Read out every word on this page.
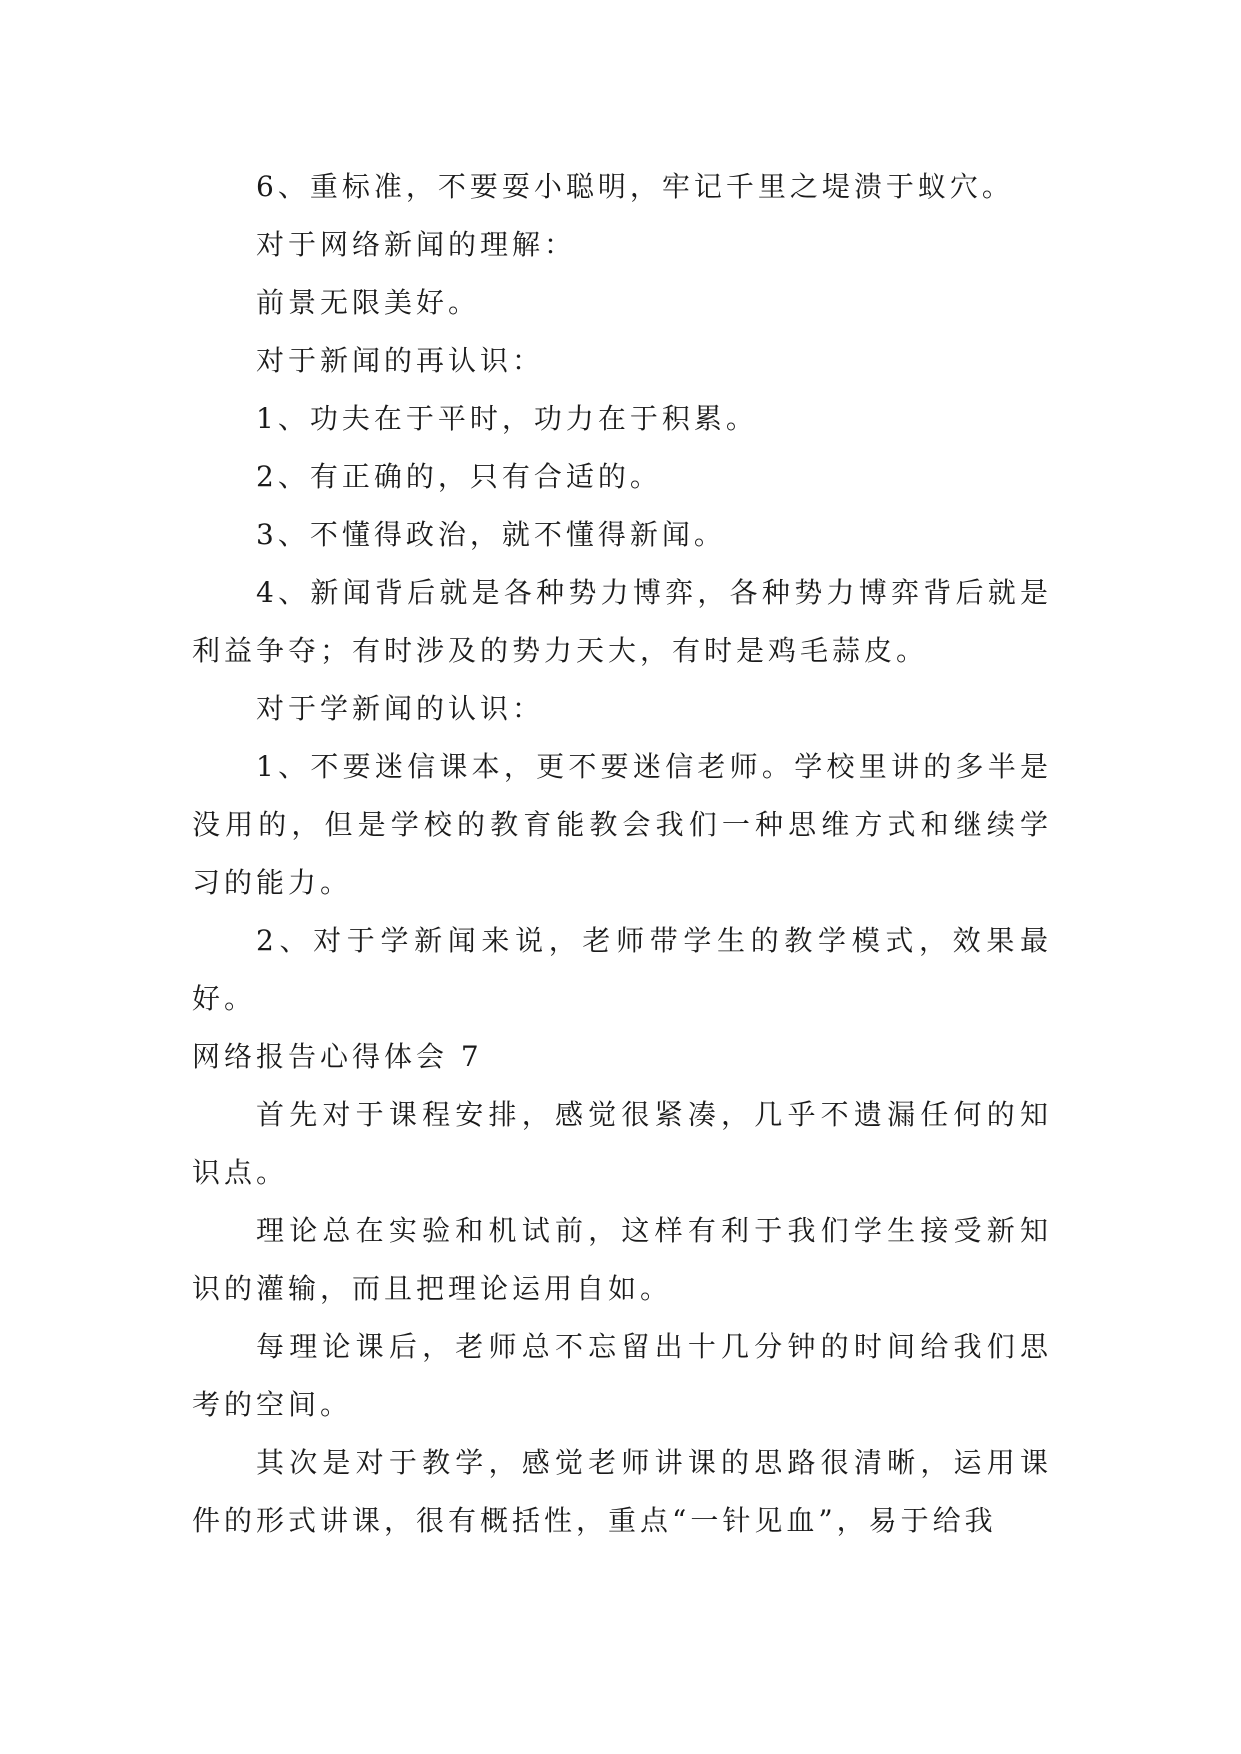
6、重标准，不要耍小聪明，牢记千里之堤溃于蚁穴。

对于网络新闻的理解：

前景无限美好。

对于新闻的再认识：

1、功夫在于平时，功力在于积累。

2、有正确的，只有合适的。

3、不懂得政治，就不懂得新闻。

4、新闻背后就是各种势力博弈，各种势力博弈背后就是利益争夺；有时涉及的势力天大，有时是鸡毛蒜皮。

对于学新闻的认识：

1、不要迷信课本，更不要迷信老师。学校里讲的多半是没用的，但是学校的教育能教会我们一种思维方式和继续学习的能力。

2、对于学新闻来说，老师带学生的教学模式，效果最好。

网络报告心得体会 7

首先对于课程安排，感觉很紧凑，几乎不遗漏任何的知识点。

理论总在实验和机试前，这样有利于我们学生接受新知识的灌输，而且把理论运用自如。

每理论课后，老师总不忘留出十几分钟的时间给我们思考的空间。

其次是对于教学，感觉老师讲课的思路很清晰，运用课件的形式讲课，很有概括性，重点“一针见血”，易于给我
